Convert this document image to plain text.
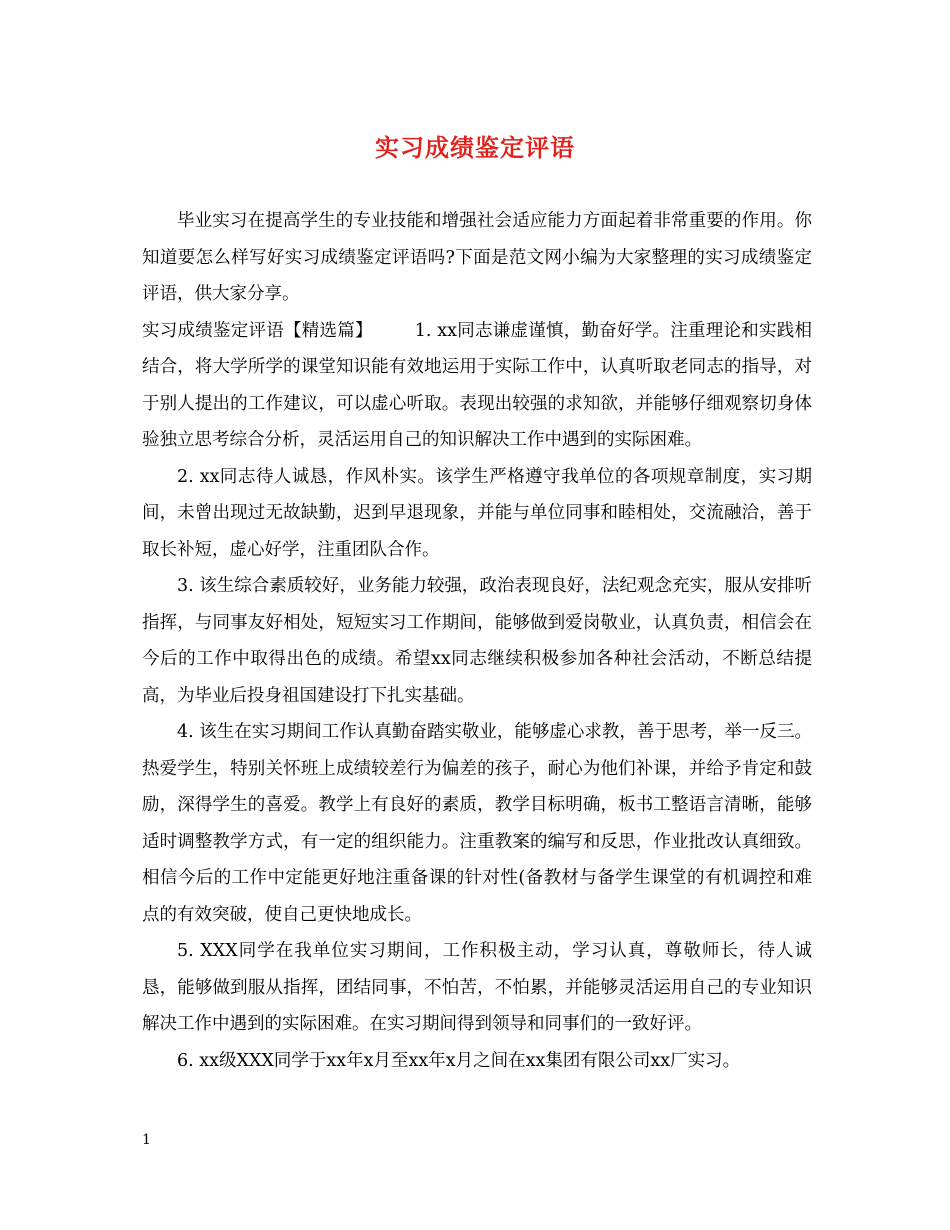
实习成绩鉴定评语

毕业实习在提高学生的专业技能和增强社会适应能力方面起着非常重要的作用。你知道要怎么样写好实习成绩鉴定评语吗?下面是范文网小编为大家整理的实习成绩鉴定评语，供大家分享。

实习成绩鉴定评语【精选篇】 1. xx同志谦虚谨慎，勤奋好学。注重理论和实践相结合，将大学所学的课堂知识能有效地运用于实际工作中，认真听取老同志的指导，对于别人提出的工作建议，可以虚心听取。表现出较强的求知欲，并能够仔细观察切身体验独立思考综合分析，灵活运用自己的知识解决工作中遇到的实际困难。

2. xx同志待人诚恳，作风朴实。该学生严格遵守我单位的各项规章制度，实习期间，未曾出现过无故缺勤，迟到早退现象，并能与单位同事和睦相处，交流融洽，善于取长补短，虚心好学，注重团队合作。

3. 该生综合素质较好，业务能力较强，政治表现良好，法纪观念充实，服从安排听指挥，与同事友好相处，短短实习工作期间，能够做到爱岗敬业，认真负责，相信会在今后的工作中取得出色的成绩。希望xx同志继续积极参加各种社会活动，不断总结提高，为毕业后投身祖国建设打下扎实基础。

4. 该生在实习期间工作认真勤奋踏实敬业，能够虚心求教，善于思考，举一反三。热爱学生，特别关怀班上成绩较差行为偏差的孩子，耐心为他们补课，并给予肯定和鼓励，深得学生的喜爱。教学上有良好的素质，教学目标明确，板书工整语言清晰，能够适时调整教学方式，有一定的组织能力。注重教案的编写和反思，作业批改认真细致。相信今后的工作中定能更好地注重备课的针对性(备教材与备学生课堂的有机调控和难点的有效突破，使自己更快地成长。

5. XXX同学在我单位实习期间，工作积极主动，学习认真，尊敬师长，待人诚恳，能够做到服从指挥，团结同事，不怕苦，不怕累，并能够灵活运用自己的专业知识解决工作中遇到的实际困难。在实习期间得到领导和同事们的一致好评。

6. xx级XXX同学于xx年x月至xx年x月之间在xx集团有限公司xx厂实习。

1
